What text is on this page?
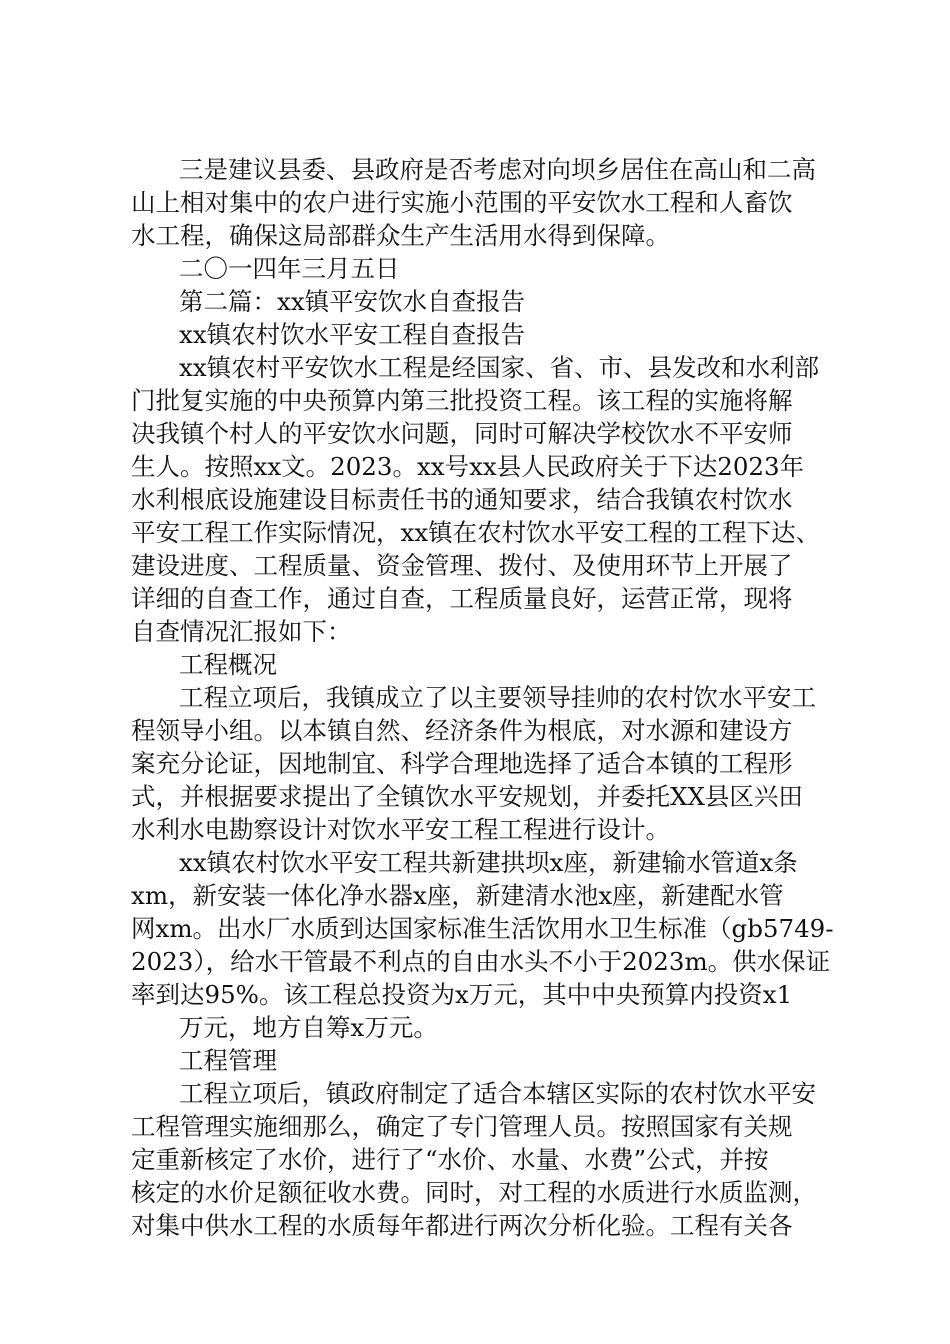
三是建议县委、县政府是否考虑对向坝乡居住在高山和二高

山上相对集中的农户进行实施小范围的平安饮水工程和人畜饮

水工程，确保这局部群众生产生活用水得到保障。

二〇一四年三月五日

第二篇：xx镇平安饮水自查报告

xx镇农村饮水平安工程自查报告

xx镇农村平安饮水工程是经国家、省、市、县发改和水利部

门批复实施的中央预算内第三批投资工程。该工程的实施将解

决我镇个村人的平安饮水问题，同时可解决学校饮水不平安师

生人。按照xx文。2023。xx号xx县人民政府关于下达2023年

水利根底设施建设目标责任书的通知要求，结合我镇农村饮水

平安工程工作实际情况，xx镇在农村饮水平安工程的工程下达、

建设进度、工程质量、资金管理、拨付、及使用环节上开展了

详细的自查工作，通过自查，工程质量良好，运营正常，现将

自查情况汇报如下：

工程概况

工程立项后，我镇成立了以主要领导挂帅的农村饮水平安工

程领导小组。以本镇自然、经济条件为根底，对水源和建设方

案充分论证，因地制宜、科学合理地选择了适合本镇的工程形

式，并根据要求提出了全镇饮水平安规划，并委托XX县区兴田

水利水电勘察设计对饮水平安工程工程进行设计。

xx镇农村饮水平安工程共新建拱坝x座，新建输水管道x条

xm，新安装一体化净水器x座，新建清水池x座，新建配水管

网xm。出水厂水质到达国家标准生活饮用水卫生标准（gb5749-

2023），给水干管最不利点的自由水头不小于2023m。供水保证

率到达95%。该工程总投资为x万元，其中中央预算内投资x1

万元，地方自筹x万元。

工程管理

工程立项后，镇政府制定了适合本辖区实际的农村饮水平安

工程管理实施细那么，确定了专门管理人员。按照国家有关规

定重新核定了水价，进行了“水价、水量、水费”公式，并按

核定的水价足额征收水费。同时，对工程的水质进行水质监测，

对集中供水工程的水质每年都进行两次分析化验。工程有关各
